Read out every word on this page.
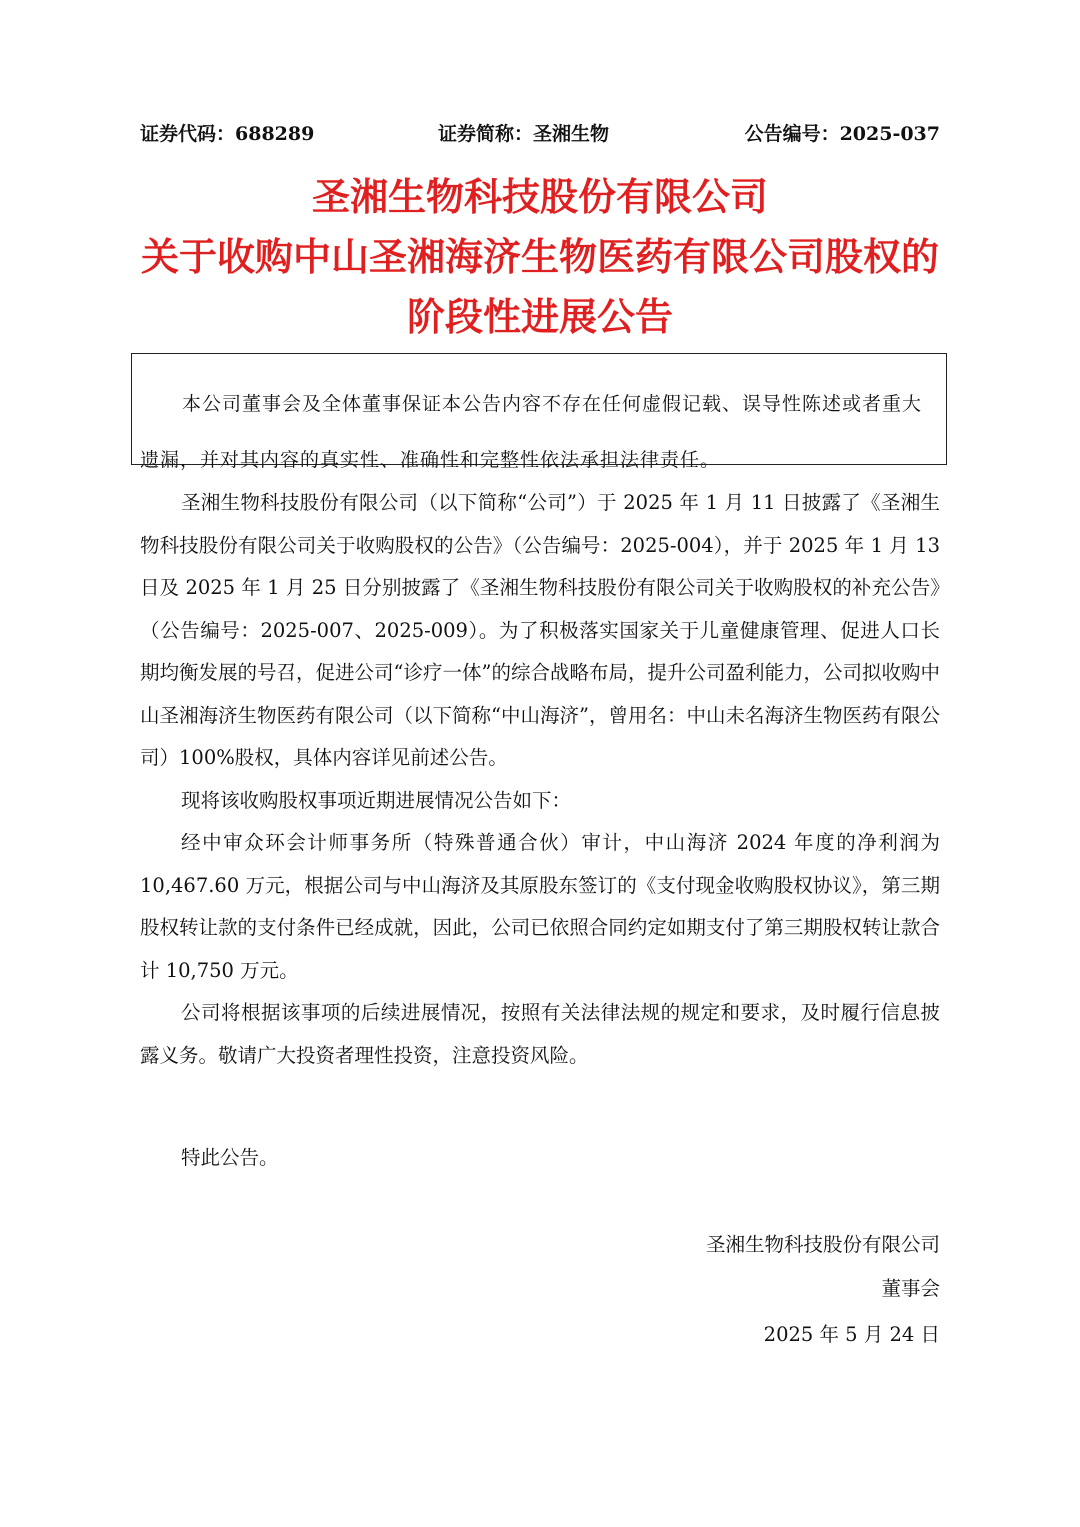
证券代码：688289	证券简称：圣湘生物	公告编号：2025-037
圣湘生物科技股份有限公司
关于收购中山圣湘海济生物医药有限公司股权的
阶段性进展公告

本公司董事会及全体董事保证本公告内容不存在任何虚假记载、误导性陈述或者重大遗漏，并对其内容的真实性、准确性和完整性依法承担法律责任。

圣湘生物科技股份有限公司（以下简称“公司”）于 2025 年 1 月 11 日披露了《圣湘生物科技股份有限公司关于收购股权的公告》（公告编号：2025-004），并于 2025 年 1 月 13 日及 2025 年 1 月 25 日分别披露了《圣湘生物科技股份有限公司关于收购股权的补充公告》（公告编号：2025-007、2025-009）。为了积极落实国家关于儿童健康管理、促进人口长期均衡发展的号召，促进公司“诊疗一体”的综合战略布局，提升公司盈利能力，公司拟收购中山圣湘海济生物医药有限公司（以下简称“中山海济”，曾用名：中山未名海济生物医药有限公司）100%股权，具体内容详见前述公告。

现将该收购股权事项近期进展情况公告如下：

经中审众环会计师事务所（特殊普通合伙）审计，中山海济 2024 年度的净利润为 10,467.60 万元，根据公司与中山海济及其原股东签订的《支付现金收购股权协议》，第三期股权转让款的支付条件已经成就，因此，公司已依照合同约定如期支付了第三期股权转让款合计 10,750 万元。

公司将根据该事项的后续进展情况，按照有关法律法规的规定和要求，及时履行信息披露义务。敬请广大投资者理性投资，注意投资风险。

特此公告。
圣湘生物科技股份有限公司
董事会
2025 年 5 月 24 日
